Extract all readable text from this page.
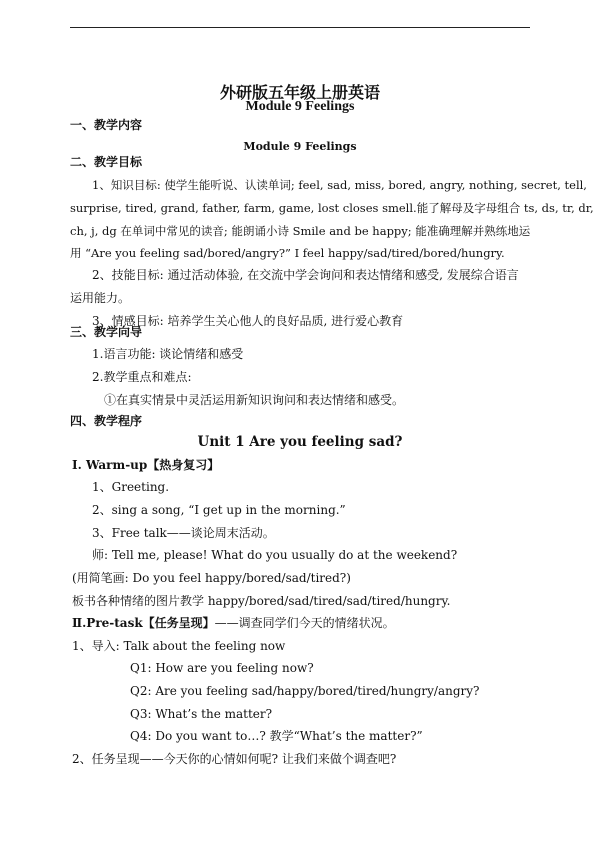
外研版五年级上册英语
Module 9 Feelings
一、教学内容
Module 9 Feelings
二、教学目标
1、知识目标: 使学生能听说、认读单词; feel, sad, miss, bored, angry, nothing, secret, tell,
surprise, tired, grand, father, farm, game, lost closes smell.能了解母及字母组合 ts, ds, tr, dr,
ch, j, dg 在单词中常见的读音; 能朗诵小诗 Smile and be happy; 能准确理解并熟练地运
用 “Are you feeling sad/bored/angry?” I feel happy/sad/tired/bored/hungry.
2、技能目标: 通过活动体验, 在交流中学会询问和表达情绪和感受, 发展综合语言
运用能力。
3、情感目标: 培养学生关心他人的良好品质, 进行爱心教育
三、教学向导
1.语言功能: 谈论情绪和感受
2.教学重点和难点:
①在真实情景中灵活运用新知识询问和表达情绪和感受。
四、教学程序
Unit 1 Are you feeling sad?
Ⅰ. Warm-up【热身复习】
1、Greeting.
2、sing a song, “I get up in the morning.”
3、Free talk——谈论周末活动。
师: Tell me, please! What do you usually do at the weekend?
(用简笔画: Do you feel happy/bored/sad/tired?)
板书各种情绪的图片教学 happy/bored/sad/tired/sad/tired/hungry.
Ⅱ.Pre-task【任务呈现】——调查同学们今天的情绪状况。
1、导入: Talk about the feeling now
Q1: How are you feeling now?
Q2: Are you feeling sad/happy/bored/tired/hungry/angry?
Q3: What’s the matter?
Q4: Do you want to…? 教学“What’s the matter?”
2、任务呈现——今天你的心情如何呢? 让我们来做个调查吧?
